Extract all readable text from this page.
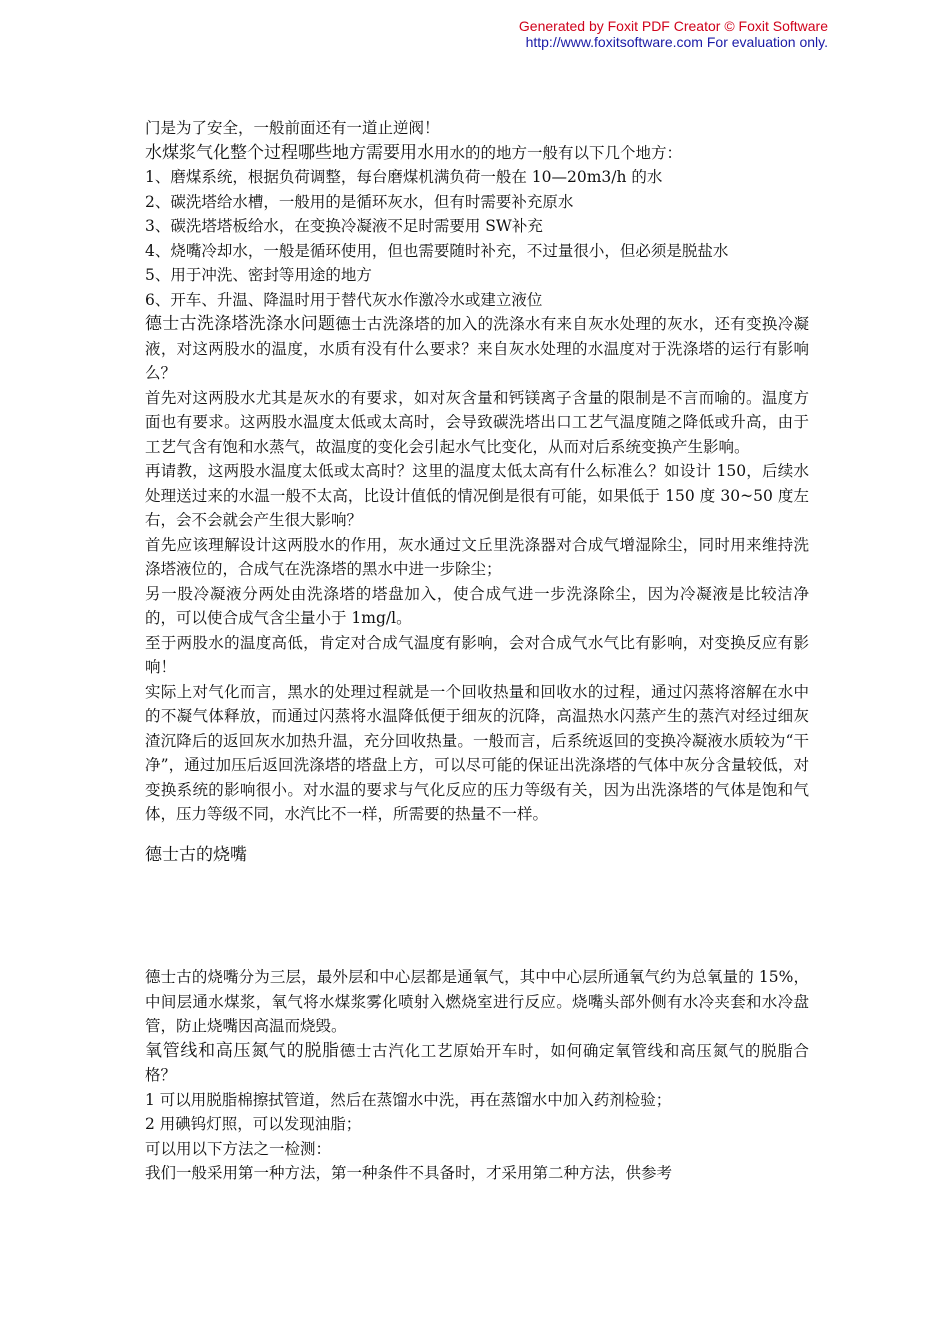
Generated by Foxit PDF Creator © Foxit Software
http://www.foxitsoftware.com For evaluation only.

门是为了安全，一般前面还有一道止逆阀！

水煤浆气化整个过程哪些地方需要用水用水的的地方一般有以下几个地方：

1、磨煤系统，根据负荷调整，每台磨煤机满负荷一般在 10—20m3/h 的水

2、碳洗塔给水槽，一般用的是循环灰水，但有时需要补充原水

3、碳洗塔塔板给水，在变换冷凝液不足时需要用 SW补充

4、烧嘴冷却水，一般是循环使用，但也需要随时补充，不过量很小，但必须是脱盐水

5、用于冲洗、密封等用途的地方

6、开车、升温、降温时用于替代灰水作激冷水或建立液位

德士古洗涤塔洗涤水问题德士古洗涤塔的加入的洗涤水有来自灰水处理的灰水，还有变换冷凝液，对这两股水的温度，水质有没有什么要求？来自灰水处理的水温度对于洗涤塔的运行有影响么？

首先对这两股水尤其是灰水的有要求，如对灰含量和钙镁离子含量的限制是不言而喻的。温度方面也有要求。这两股水温度太低或太高时，会导致碳洗塔出口工艺气温度随之降低或升高，由于工艺气含有饱和水蒸气，故温度的变化会引起水气比变化，从而对后系统变换产生影响。

再请教，这两股水温度太低或太高时？这里的温度太低太高有什么标准么？如设计 150，后续水处理送过来的水温一般不太高，比设计值低的情况倒是很有可能，如果低于 150 度 30~50 度左右，会不会就会产生很大影响？

首先应该理解设计这两股水的作用，灰水通过文丘里洗涤器对合成气增湿除尘，同时用来维持洗涤塔液位的，合成气在洗涤塔的黑水中进一步除尘；

另一股冷凝液分两处由洗涤塔的塔盘加入，使合成气进一步洗涤除尘，因为冷凝液是比较洁净的，可以使合成气含尘量小于 1mg/l。

至于两股水的温度高低，肯定对合成气温度有影响，会对合成气水气比有影响，对变换反应有影响！

实际上对气化而言，黑水的处理过程就是一个回收热量和回收水的过程，通过闪蒸将溶解在水中的不凝气体释放，而通过闪蒸将水温降低便于细灰的沉降，高温热水闪蒸产生的蒸汽对经过细灰渣沉降后的返回灰水加热升温，充分回收热量。一般而言，后系统返回的变换冷凝液水质较为“干净”，通过加压后返回洗涤塔的塔盘上方，可以尽可能的保证出洗涤塔的气体中灰分含量较低，对变换系统的影响很小。对水温的要求与气化反应的压力等级有关，因为出洗涤塔的气体是饱和气体，压力等级不同，水汽比不一样，所需要的热量不一样。

德士古的烧嘴

德士古的烧嘴分为三层，最外层和中心层都是通氧气，其中中心层所通氧气约为总氧量的 15%，中间层通水煤浆，氧气将水煤浆雾化喷射入燃烧室进行反应。烧嘴头部外侧有水冷夹套和水冷盘管，防止烧嘴因高温而烧毁。

氧管线和高压氮气的脱脂德士古汽化工艺原始开车时，如何确定氧管线和高压氮气的脱脂合格？

1 可以用脱脂棉擦拭管道，然后在蒸馏水中洗，再在蒸馏水中加入药剂检验；

2 用碘钨灯照，可以发现油脂；

可以用以下方法之一检测：

我们一般采用第一种方法，第一种条件不具备时，才采用第二种方法，供参考
